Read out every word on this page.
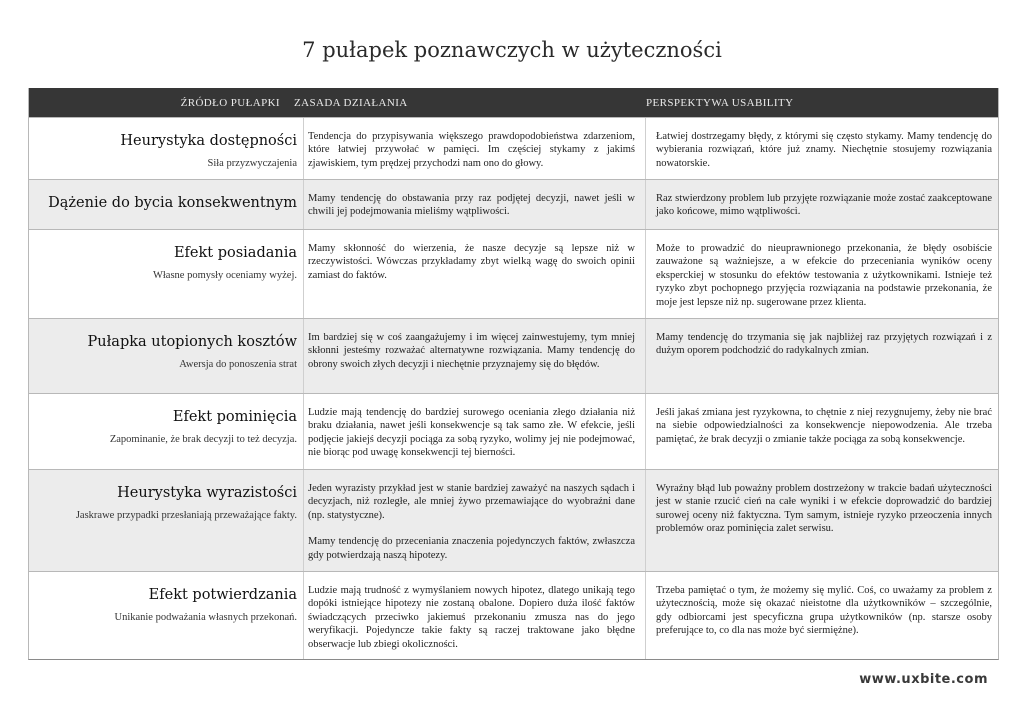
7 pułapek poznawczych w użyteczności
ŹRÓDŁO PUŁAPKI	ZASADA DZIAŁANIA	PERSPEKTYWA USABILITY
Heurystyka dostępności
Siła przyzwyczajenia

Tendencja do przypisywania większego prawdopodobieństwa zdarzeniom, które łatwiej przywołać w pamięci. Im częściej stykamy z jakimś zjawiskiem, tym prędzej przychodzi nam ono do głowy.

Łatwiej dostrzegamy błędy, z którymi się często stykamy. Mamy tendencję do wybierania rozwiązań, które już znamy. Niechętnie stosujemy rozwiązania nowatorskie.

Dążenie do bycia konsekwentnym Mamy tendencję do obstawania przy raz podjętej decyzji, nawet jeśli w chwili jej podejmowania mieliśmy wątpliwości.

Raz stwierdzony problem lub przyjęte rozwiązanie może zostać zaakceptowane jako końcowe, mimo wątpliwości.

Efekt posiadania
Własne pomysły oceniamy wyżej.

Mamy skłonność do wierzenia, że nasze decyzje są lepsze niż w rzeczywistości. Wówczas przykładamy zbyt wielką wagę do swoich opinii zamiast do faktów.

Może to prowadzić do nieuprawnionego przekonania, że błędy osobiście zauważone są ważniejsze, a w efekcie do przeceniania wyników oceny eksperckiej w stosunku do efektów testowania z użytkownikami. Istnieje też ryzyko zbyt pochopnego przyjęcia rozwiązania na podstawie przekonania, że moje jest lepsze niż np. sugerowane przez klienta.

Pułapka utopionych kosztów
Awersja do ponoszenia strat

Im bardziej się w coś zaangażujemy i im więcej zainwestujemy, tym mniej skłonni jesteśmy rozważać alternatywne rozwiązania. Mamy tendencję do obrony swoich złych decyzji i niechętnie przyznajemy się do błędów.

Mamy tendencję do trzymania się jak najbliżej raz przyjętych rozwiązań i z dużym oporem podchodzić do radykalnych zmian.

Efekt pominięcia
Zapominanie, że brak decyzji to też decyzja.

Ludzie mają tendencję do bardziej surowego oceniania złego działania niż braku działania, nawet jeśli konsekwencje są tak samo złe. W efekcie, jeśli podjęcie jakiejś decyzji pociąga za sobą ryzyko, wolimy jej nie podejmować, nie biorąc pod uwagę konsekwencji tej bierności.

Jeśli jakaś zmiana jest ryzykowna, to chętnie z niej rezygnujemy, żeby nie brać na siebie odpowiedzialności za konsekwencje niepowodzenia. Ale trzeba pamiętać, że brak decyzji o zmianie także pociąga za sobą konsekwencje.

Heurystyka wyrazistości
Jaskrawe przypadki przesłaniają przeważające fakty.

Jeden wyrazisty przykład jest w stanie bardziej zaważyć na naszych sądach i decyzjach, niż rozległe, ale mniej żywo przemawiające do wyobraźni dane (np. statystyczne).

Mamy tendencję do przeceniania znaczenia pojedynczych faktów, zwłaszcza gdy potwierdzają naszą hipotezy.

Wyraźny błąd lub poważny problem dostrzeżony w trakcie badań użyteczności jest w stanie rzucić cień na całe wyniki i w efekcie doprowadzić do bardziej surowej oceny niż faktyczna. Tym samym, istnieje ryzyko przeoczenia innych problemów oraz pominięcia zalet serwisu.

Efekt potwierdzania
Unikanie podważania własnych przekonań.

Ludzie mają trudność z wymyślaniem nowych hipotez, dlatego unikają tego dopóki istniejące hipotezy nie zostaną obalone. Dopiero duża ilość faktów świadczących przeciwko jakiemuś przekonaniu zmusza nas do jego weryfikacji. Pojedyncze takie fakty są raczej traktowane jako błędne obserwacje lub zbiegi okoliczności.

Trzeba pamiętać o tym, że możemy się mylić. Coś, co uważamy za problem z użytecznością, może się okazać nieistotne dla użytkowników – szczególnie, gdy odbiorcami jest specyficzna grupa użytkowników (np. starsze osoby preferujące to, co dla nas może być siermiężne).

www.uxbite.com
